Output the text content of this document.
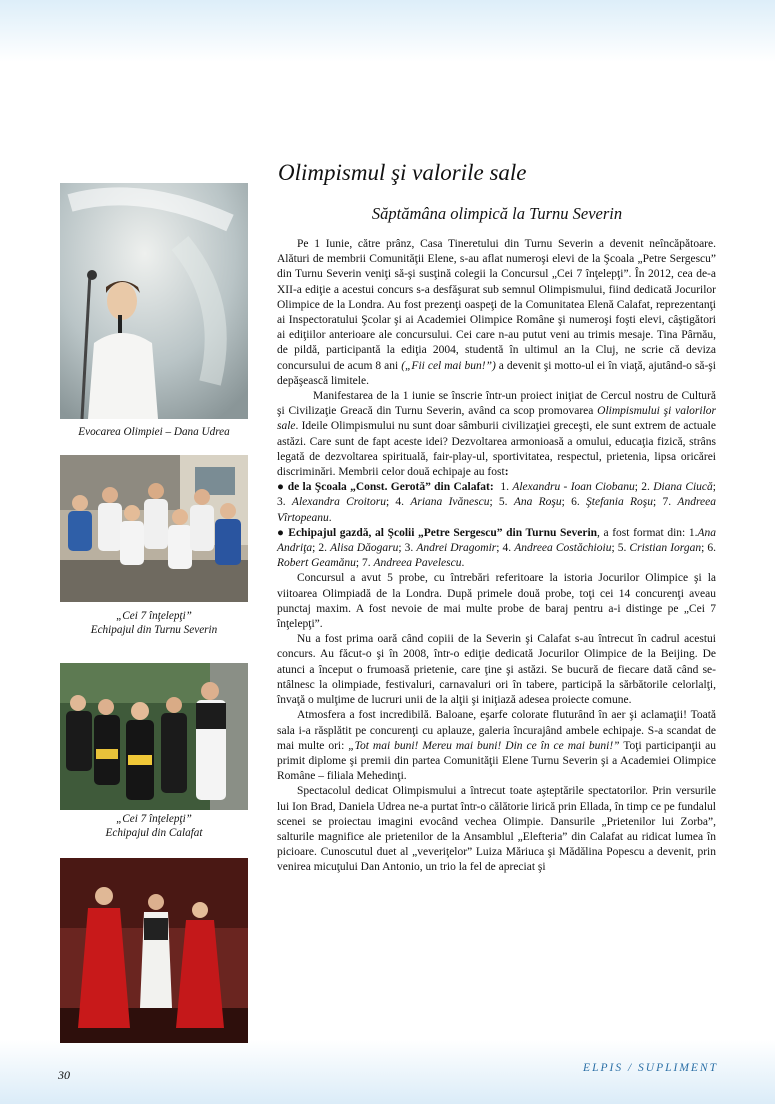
Evocarea Olimpiei – Dana Udrea
„Cei 7 înţelepţi”
Echipajul din Turnu Severin
„Cei 7 înţelepţi”
Echipajul din Calafat
Olimpismul şi valorile sale
Săptămâna olimpică la Turnu Severin

Pe 1 Iunie, către prânz, Casa Tineretului din Turnu Severin a devenit neîncăpătoare. Alături de membrii Comunităţii Elene, s-au aflat numeroşi elevi de la Şcoala „Petre Sergescu” din Turnu Severin veniţi să-şi susţină colegii la Concursul „Cei 7 înţelepţi”. În 2012, cea de-a XII-a ediţie a acestui concurs s-a desfăşurat sub semnul Olimpismului, fiind dedicată Jocurilor Olimpice de la Londra. Au fost prezenţi oaspeţi de la Comunitatea Elenă Calafat, reprezentanţi ai Inspectoratului Şcolar şi ai Academiei Olimpice Române şi numeroşi foşti elevi, câştigători ai ediţiilor anterioare ale concursului. Cei care n-au putut veni au trimis mesaje. Tina Pârnău, de pildă, participantă la ediţia 2004, studentă în ultimul an la Cluj, ne scrie că deviza concursului de acum 8 ani („Fii cel mai bun!”) a devenit şi motto-ul ei în viaţă, ajutând-o să-şi depăşească limitele.

Manifestarea de la 1 iunie se înscrie într-un proiect iniţiat de Cercul nostru de Cultură şi Civilizaţie Greacă din Turnu Severin, având ca scop promovarea Olimpismului şi valorilor sale. Ideile Olimpismului nu sunt doar sâmburii civilizaţiei greceşti, ele sunt extrem de actuale astăzi. Care sunt de fapt aceste idei? Dezvoltarea armonioasă a omului, educaţia fizică, strâns legată de dezvoltarea spirituală, fair-play-ul, sportivitatea, respectul, prietenia, lipsa oricărei discriminări. Membrii celor două echipaje au fost:

● de la Şcoala „Const. Gerotă” din Calafat:  1. Alexandru - Ioan Ciobanu; 2. Diana Ciucă; 3. Alexandra Croitoru; 4. Ariana Ivănescu; 5. Ana Roşu; 6. Ştefania Roşu; 7. Andreea Vîrtopeanu.

● Echipajul gazdă, al Şcolii „Petre Sergescu” din Turnu Severin, a fost format din: 1.Ana Andriţa; 2. Alisa Dăogaru; 3. Andrei Dragomir; 4. Andreea Costăchioiu; 5. Cristian Iorgan; 6. Robert Geamănu; 7. Andreea Pavelescu.

Concursul a avut 5 probe, cu întrebări referitoare la istoria Jocurilor Olimpice şi la viitoarea Olimpiadă de la Londra. După primele două probe, toţi cei 14 concurenţi aveau punctaj maxim. A fost nevoie de mai multe probe de baraj pentru a-i distinge pe „Cei 7 înţelepţi”.

Nu a fost prima oară când copiii de la Severin şi Calafat s-au întrecut în cadrul acestui concurs. Au făcut-o şi în 2008, într-o ediţie dedicată Jocurilor Olimpice de la Beijing. De atunci a început o frumoasă prietenie, care ţine şi astăzi. Se bucură de fiecare dată când se-ntâlnesc la olimpiade, festivaluri, carnavaluri ori în tabere, participă la sărbătorile celorlalţi, învaţă o mulţime de lucruri unii de la alţii şi iniţiază adesea proiecte comune.

Atmosfera a fost incredibilă. Baloane, eşarfe colorate fluturând în aer şi aclamaţii! Toată sala i-a răsplătit pe concurenţi cu aplauze, galeria încurajând ambele echipaje. S-a scandat de mai multe ori: „Tot mai buni! Mereu mai buni! Din ce în ce mai buni!” Toţi participanţii au primit diplome şi premii din partea Comunităţii Elene Turnu Severin şi a Academiei Olimpice Române – filiala Mehedinţi.

Spectacolul dedicat Olimpismului a întrecut toate aşteptările spectatorilor. Prin versurile lui Ion Brad, Daniela Udrea ne-a purtat într-o călătorie lirică prin Ellada, în timp ce pe fundalul scenei se proiectau imagini evocând vechea Olimpie. Dansurile „Prietenilor lui Zorba”, salturile magnifice ale prietenilor de la Ansamblul „Elefteria” din Calafat au ridicat lumea în picioare. Cunoscutul duet al „veveriţelor” Luiza Măriuca şi Mădălina Popescu a devenit, prin venirea micuţului Dan Antonio, un trio la fel de apreciat şi

30	ELPIS / SUPLIMENT
